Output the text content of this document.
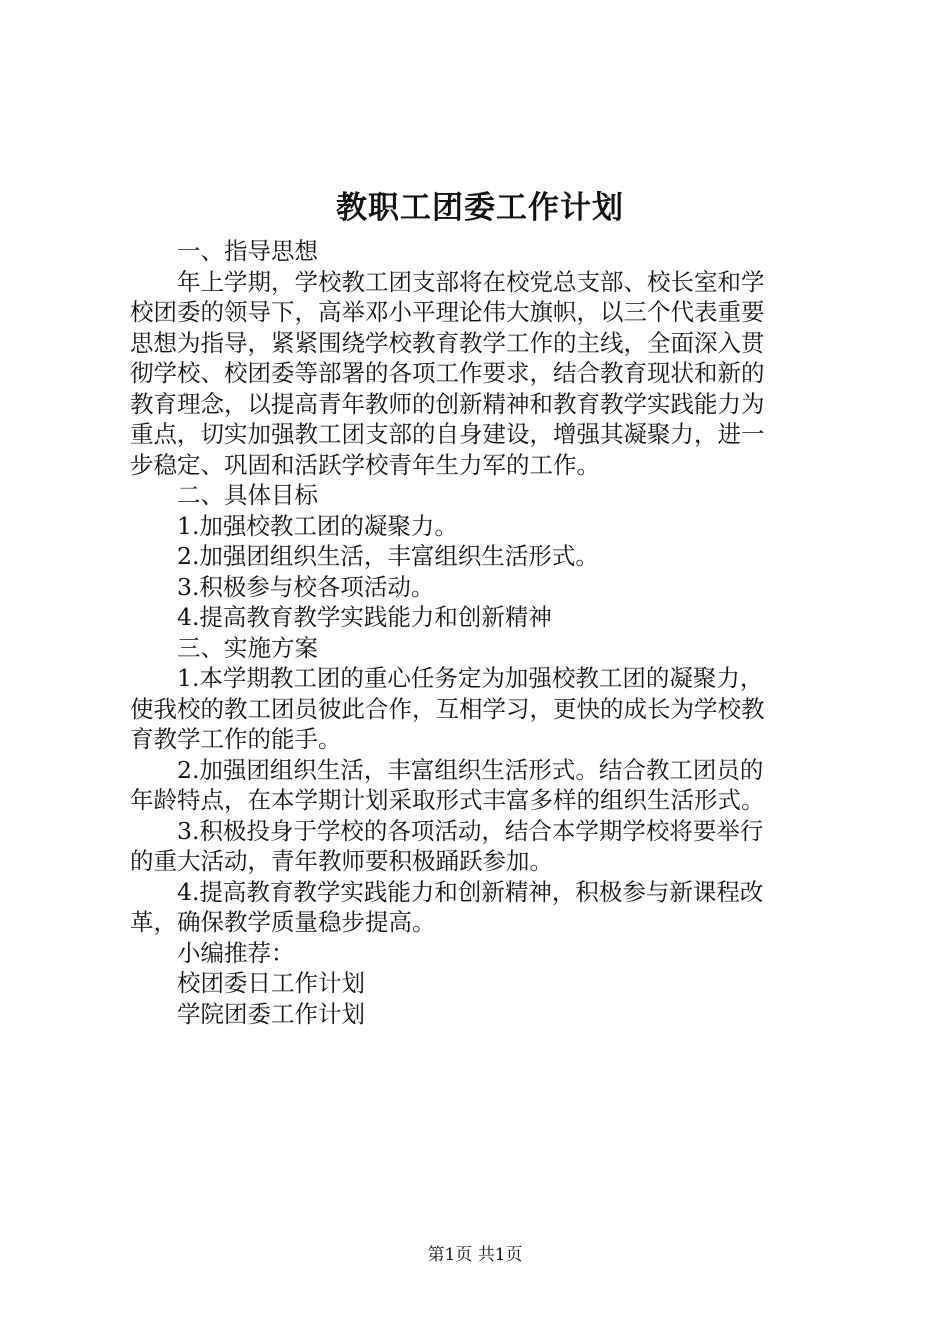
教职工团委工作计划

一、指导思想

年上学期，学校教工团支部将在校党总支部、校长室和学
校团委的领导下，高举邓小平理论伟大旗帜，以三个代表重要
思想为指导，紧紧围绕学校教育教学工作的主线，全面深入贯
彻学校、校团委等部署的各项工作要求，结合教育现状和新的
教育理念，以提高青年教师的创新精神和教育教学实践能力为
重点，切实加强教工团支部的自身建设，增强其凝聚力，进一
步稳定、巩固和活跃学校青年生力军的工作。

二、具体目标

1.加强校教工团的凝聚力。

2.加强团组织生活，丰富组织生活形式。

3.积极参与校各项活动。

4.提高教育教学实践能力和创新精神

三、实施方案

1.本学期教工团的重心任务定为加强校教工团的凝聚力，
使我校的教工团员彼此合作，互相学习，更快的成长为学校教
育教学工作的能手。

2.加强团组织生活，丰富组织生活形式。结合教工团员的
年龄特点，在本学期计划采取形式丰富多样的组织生活形式。

3.积极投身于学校的各项活动，结合本学期学校将要举行
的重大活动，青年教师要积极踊跃参加。

4.提高教育教学实践能力和创新精神，积极参与新课程改
革，确保教学质量稳步提高。

小编推荐：

校团委日工作计划

学院团委工作计划

第1页 共1页
